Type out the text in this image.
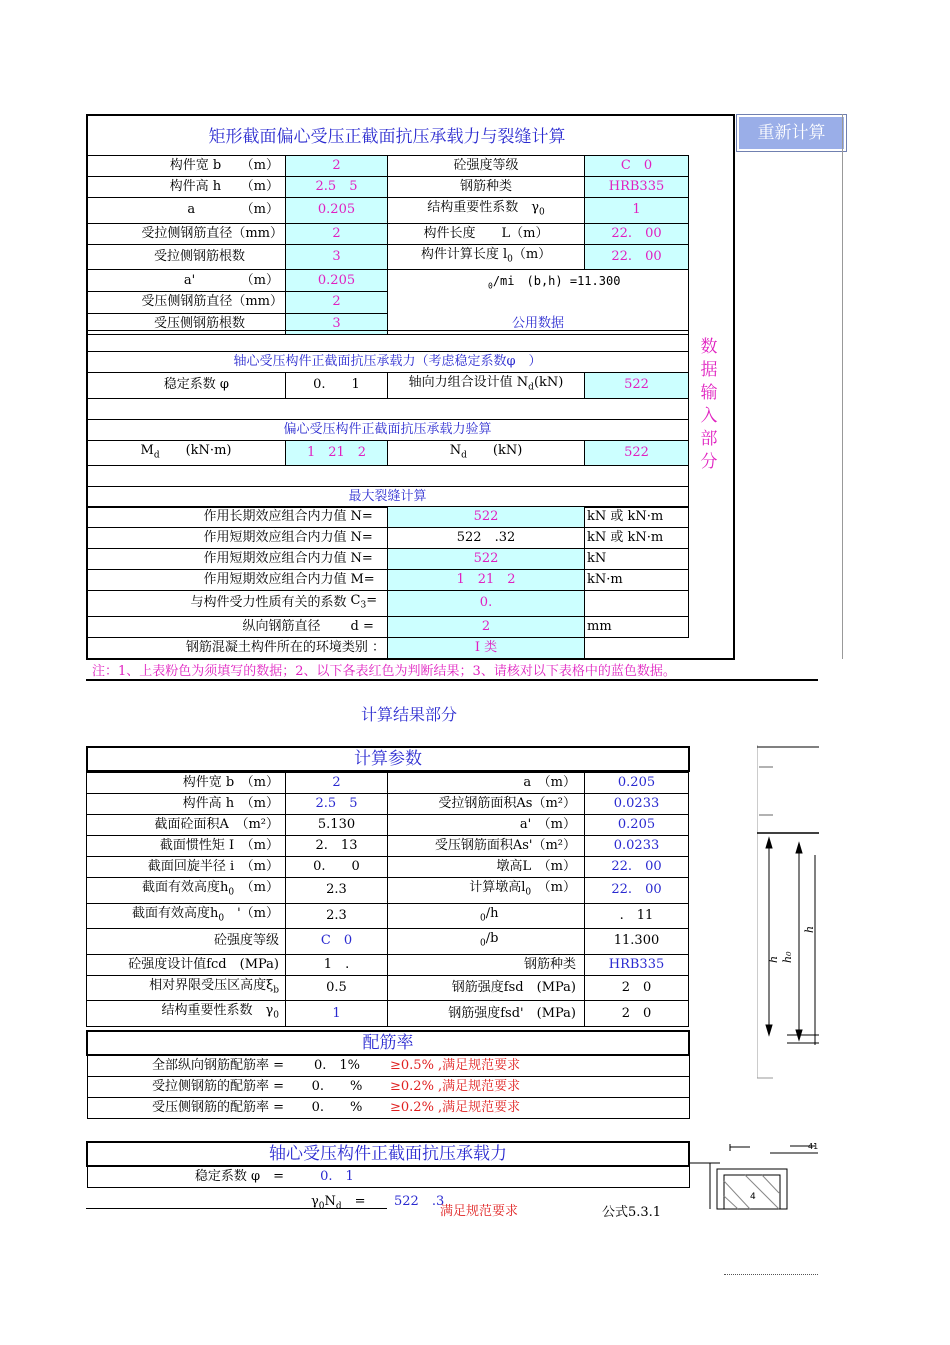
矩形截面偏心受压正截面抗压承载力与裂缝计算	重新计算
数
据
输
入
部
分
构件宽 b　　 （m）	2	砼强度等级	C　0
构件高 h　　 （m）	2.5　5	钢筋种类	HRB335
a　　　　 （m）	0.205	结构重要性系数　$\gamma_0$	1
受拉侧钢筋直径（mm）	2	构件长度　　L（m）	22.　00
受拉侧钢筋根数	3	构件计算长度 $l_0(m)$	22.　00
a'　　　　 （m）	0.205	$_0$/mi　(b,h) =11.300
公用数据	

受压侧钢筋直径（mm）	2		
受压侧钢筋根数	3		

轴心受压构件正截面抗压承载力（考虑稳定系数φ　）			
稳定系数 φ	0.　　1	轴向力组合设计值 $N_d(kN)$	522

偏心受压构件正截面抗压承载力验算			
$M_d$　　 (kN·m)	1　21　2	$N_d$　　 (kN)	522

最大裂缝计算			
作用长期效应组合内力值	N=	522	kN 或 kN·m
作用短期效应组合内力值	N=	522　.32	kN 或 kN·m
作用短期效应组合内力值	N=	522	kN
作用短期效应组合内力值	M=	1　21　2	kN·m
与构件受力性质有关的系数	$C_3=$	0.	
纵向钢筋直径	d =	2	mm
钢筋混凝土构件所在的环境类别 ：		I 类	
注：1、上表粉色为须填写的数据；2、以下各表红色为判断结果；3、请核对以下表格中的蓝色数据。
计算结果部分
计算参数
构件宽 b　 （m）	2	a　 （m）	0.205
构件高 h　 （m）	2.5　5	受拉钢筋面积As（m²）	0.0233
截面砼面积A　 （m²）	5.130	a'　 （m）	0.205
截面惯性矩 I　 （m）	2.　13	受压钢筋面积As'（m²）	0.0233
截面回旋半径 i　 （m）	0.　　0	墩高L　 （m）	22.　00
截面有效高度$h_0$　 （m）	2.3	计算墩高$l_0$　 （m）	22.　00
截面有效高度$h_0$　 '（m）	2.3	$_0$/h	.　11
砼强度等级	C　0	$_0$/b	11.300
砼强度设计值fcd　 (MPa)	1　.	钢筋种类	HRB335
相对界限受压区高度$\xi_b$	0.5	钢筋强度fsd　 (MPa)	2　0
结构重要性系数　$\gamma_0$	1	钢筋强度fsd'　 (MPa)	2　0
配筋率		
全部纵向钢筋配筋率 =	0.　1%	≥0.5% ,满足规范要求
受拉侧钢筋的配筋率 =	0.　　%	≥0.2% ,满足规范要求
受压侧钢筋的配筋率 =	0.　　%	≥0.2% ,满足规范要求
轴心受压构件正截面抗压承载力
稳定系数 φ　=	0.　1	
$\gamma_0N_d$　 = 522　.3
满足规范要求	公式5.3.1
h h₀
h
4
41
